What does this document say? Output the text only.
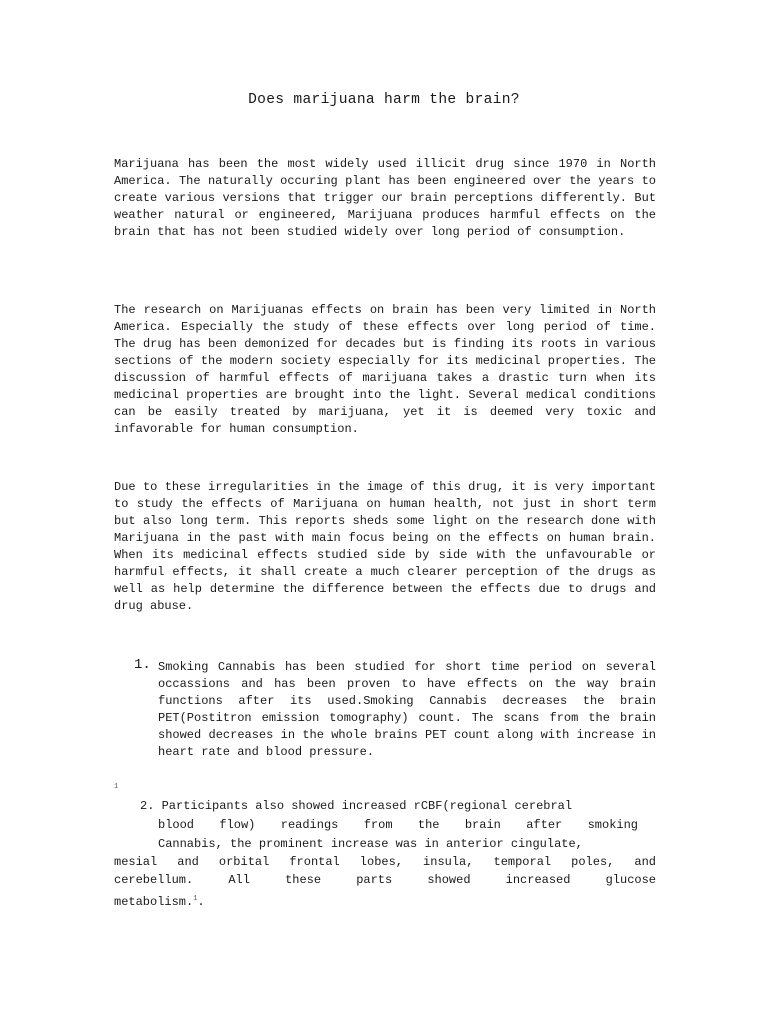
Does marijuana harm the brain?

Marijuana has been the most widely used illicit drug since 1970 in North America. The naturally occuring plant has been engineered over the years to create various versions that trigger our brain perceptions differently. But weather natural or engineered, Marijuana produces harmful effects on the brain that has not been studied widely over long period of consumption.

The research on Marijuanas effects on brain has been very limited in North America. Especially the study of these effects over long period of time. The drug has been demonized for decades but is finding its roots in various sections of the modern society especially for its medicinal properties. The discussion of harmful effects of marijuana takes a drastic turn when its medicinal properties are brought into the light. Several medical conditions can be easily treated by marijuana, yet it is deemed very toxic and infavorable for human consumption.

Due to these irregularities in the image of this drug, it is very important to study the effects of Marijuana on human health, not just in short term but also long term. This reports sheds some light on the research done with Marijuana in the past with main focus being on the effects on human brain. When its medicinal effects studied side by side with the unfavourable or harmful effects, it shall create a much clearer perception of the drugs as well as help determine the difference between the effects due to drugs and drug abuse.

1. Smoking Cannabis has been studied for short time period on several occassions and has been proven to have effects on the way brain functions after its used.Smoking Cannabis decreases the brain PET(Postitron emission tomography) count. The scans from the brain showed decreases in the whole brains PET count along with increase in heart rate and blood pressure.

1
2. Participants also showed increased rCBF(regional cerebral
blood flow) readings from the brain after smoking
Cannabis, the prominent increase was in anterior cingulate,
mesial and orbital frontal lobes, insula, temporal poles, and
cerebellum. All these parts showed increased glucose
metabolism.$^1$.
